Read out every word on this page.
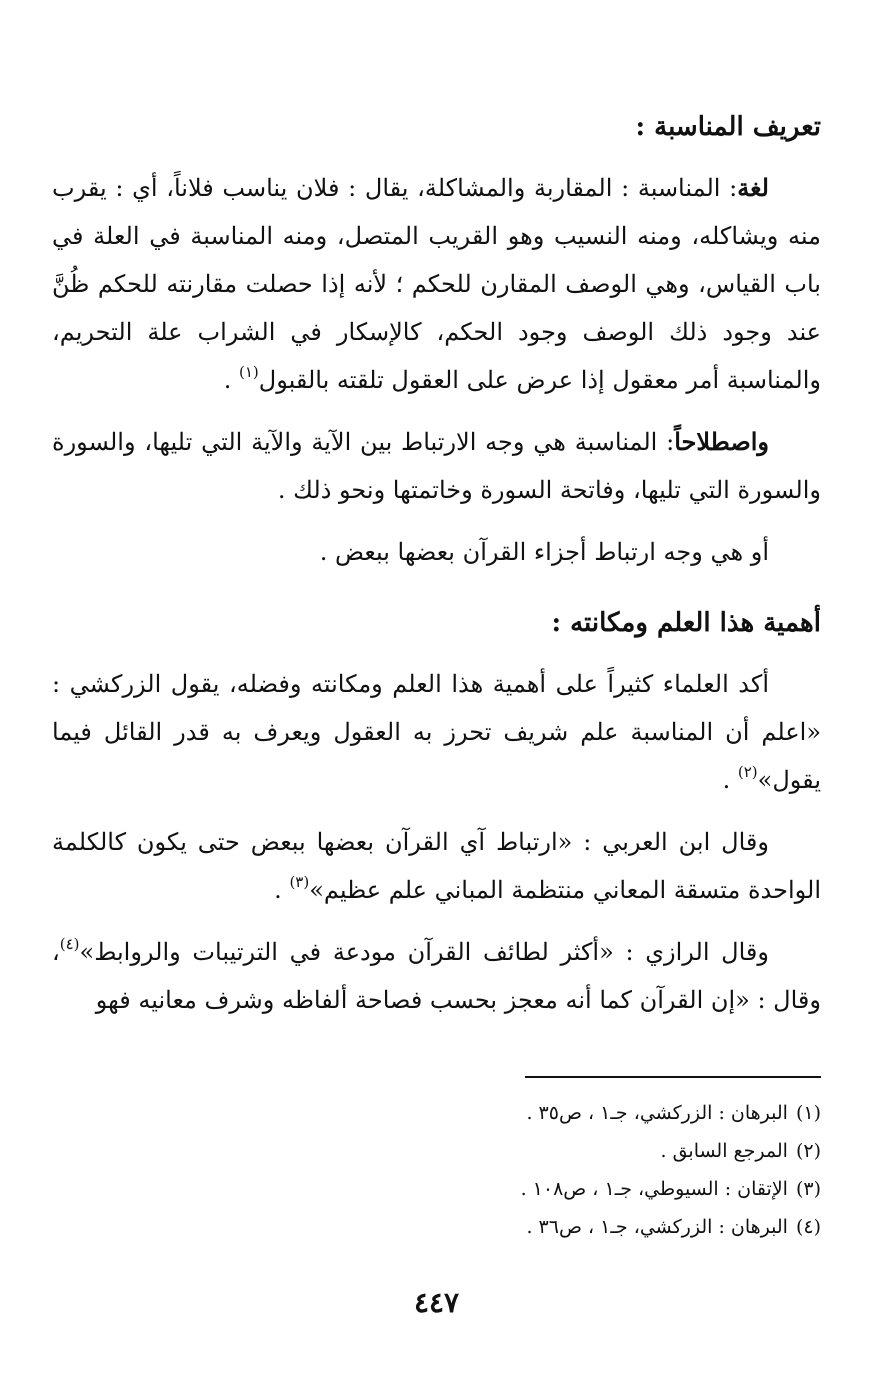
تعريف المناسبة :

لغة: المناسبة : المقاربة والمشاكلة، يقال : فلان يناسب فلاناً، أي : يقرب منه ويشاكله، ومنه النسيب وهو القريب المتصل، ومنه المناسبة في العلة في باب القياس، وهي الوصف المقارن للحكم ؛ لأنه إذا حصلت مقارنته للحكم ظُنَّ عند وجود ذلك الوصف وجود الحكم، كالإسكار في الشراب علة التحريم، والمناسبة أمر معقول إذا عرض على العقول تلقته بالقبول$^{(١)}$ .

واصطلاحاً: المناسبة هي وجه الارتباط بين الآية والآية التي تليها، والسورة والسورة التي تليها، وفاتحة السورة وخاتمتها ونحو ذلك .

أو هي وجه ارتباط أجزاء القرآن بعضها ببعض .

أهمية هذا العلم ومكانته :

أكد العلماء كثيراً على أهمية هذا العلم ومكانته وفضله، يقول الزركشي : «اعلم أن المناسبة علم شريف تحرز به العقول ويعرف به قدر القائل فيما يقول»$^{(٢)}$ .

وقال ابن العربي : «ارتباط آي القرآن بعضها ببعض حتى يكون كالكلمة الواحدة متسقة المعاني منتظمة المباني علم عظيم»$^{(٣)}$ .

وقال الرازي : «أكثر لطائف القرآن مودعة في الترتيبات والروابط»$^{(٤)}$، وقال : «إن القرآن كما أنه معجز بحسب فصاحة ألفاظه وشرف معانيه فهو

(١)البرهان : الزركشي، جـ١ ، ص٣٥ .
(٢)المرجع السابق .
(٣)الإتقان : السيوطي، جـ١ ، ص١٠٨ .
(٤)البرهان : الزركشي، جـ١ ، ص٣٦ .
٤٤٧
